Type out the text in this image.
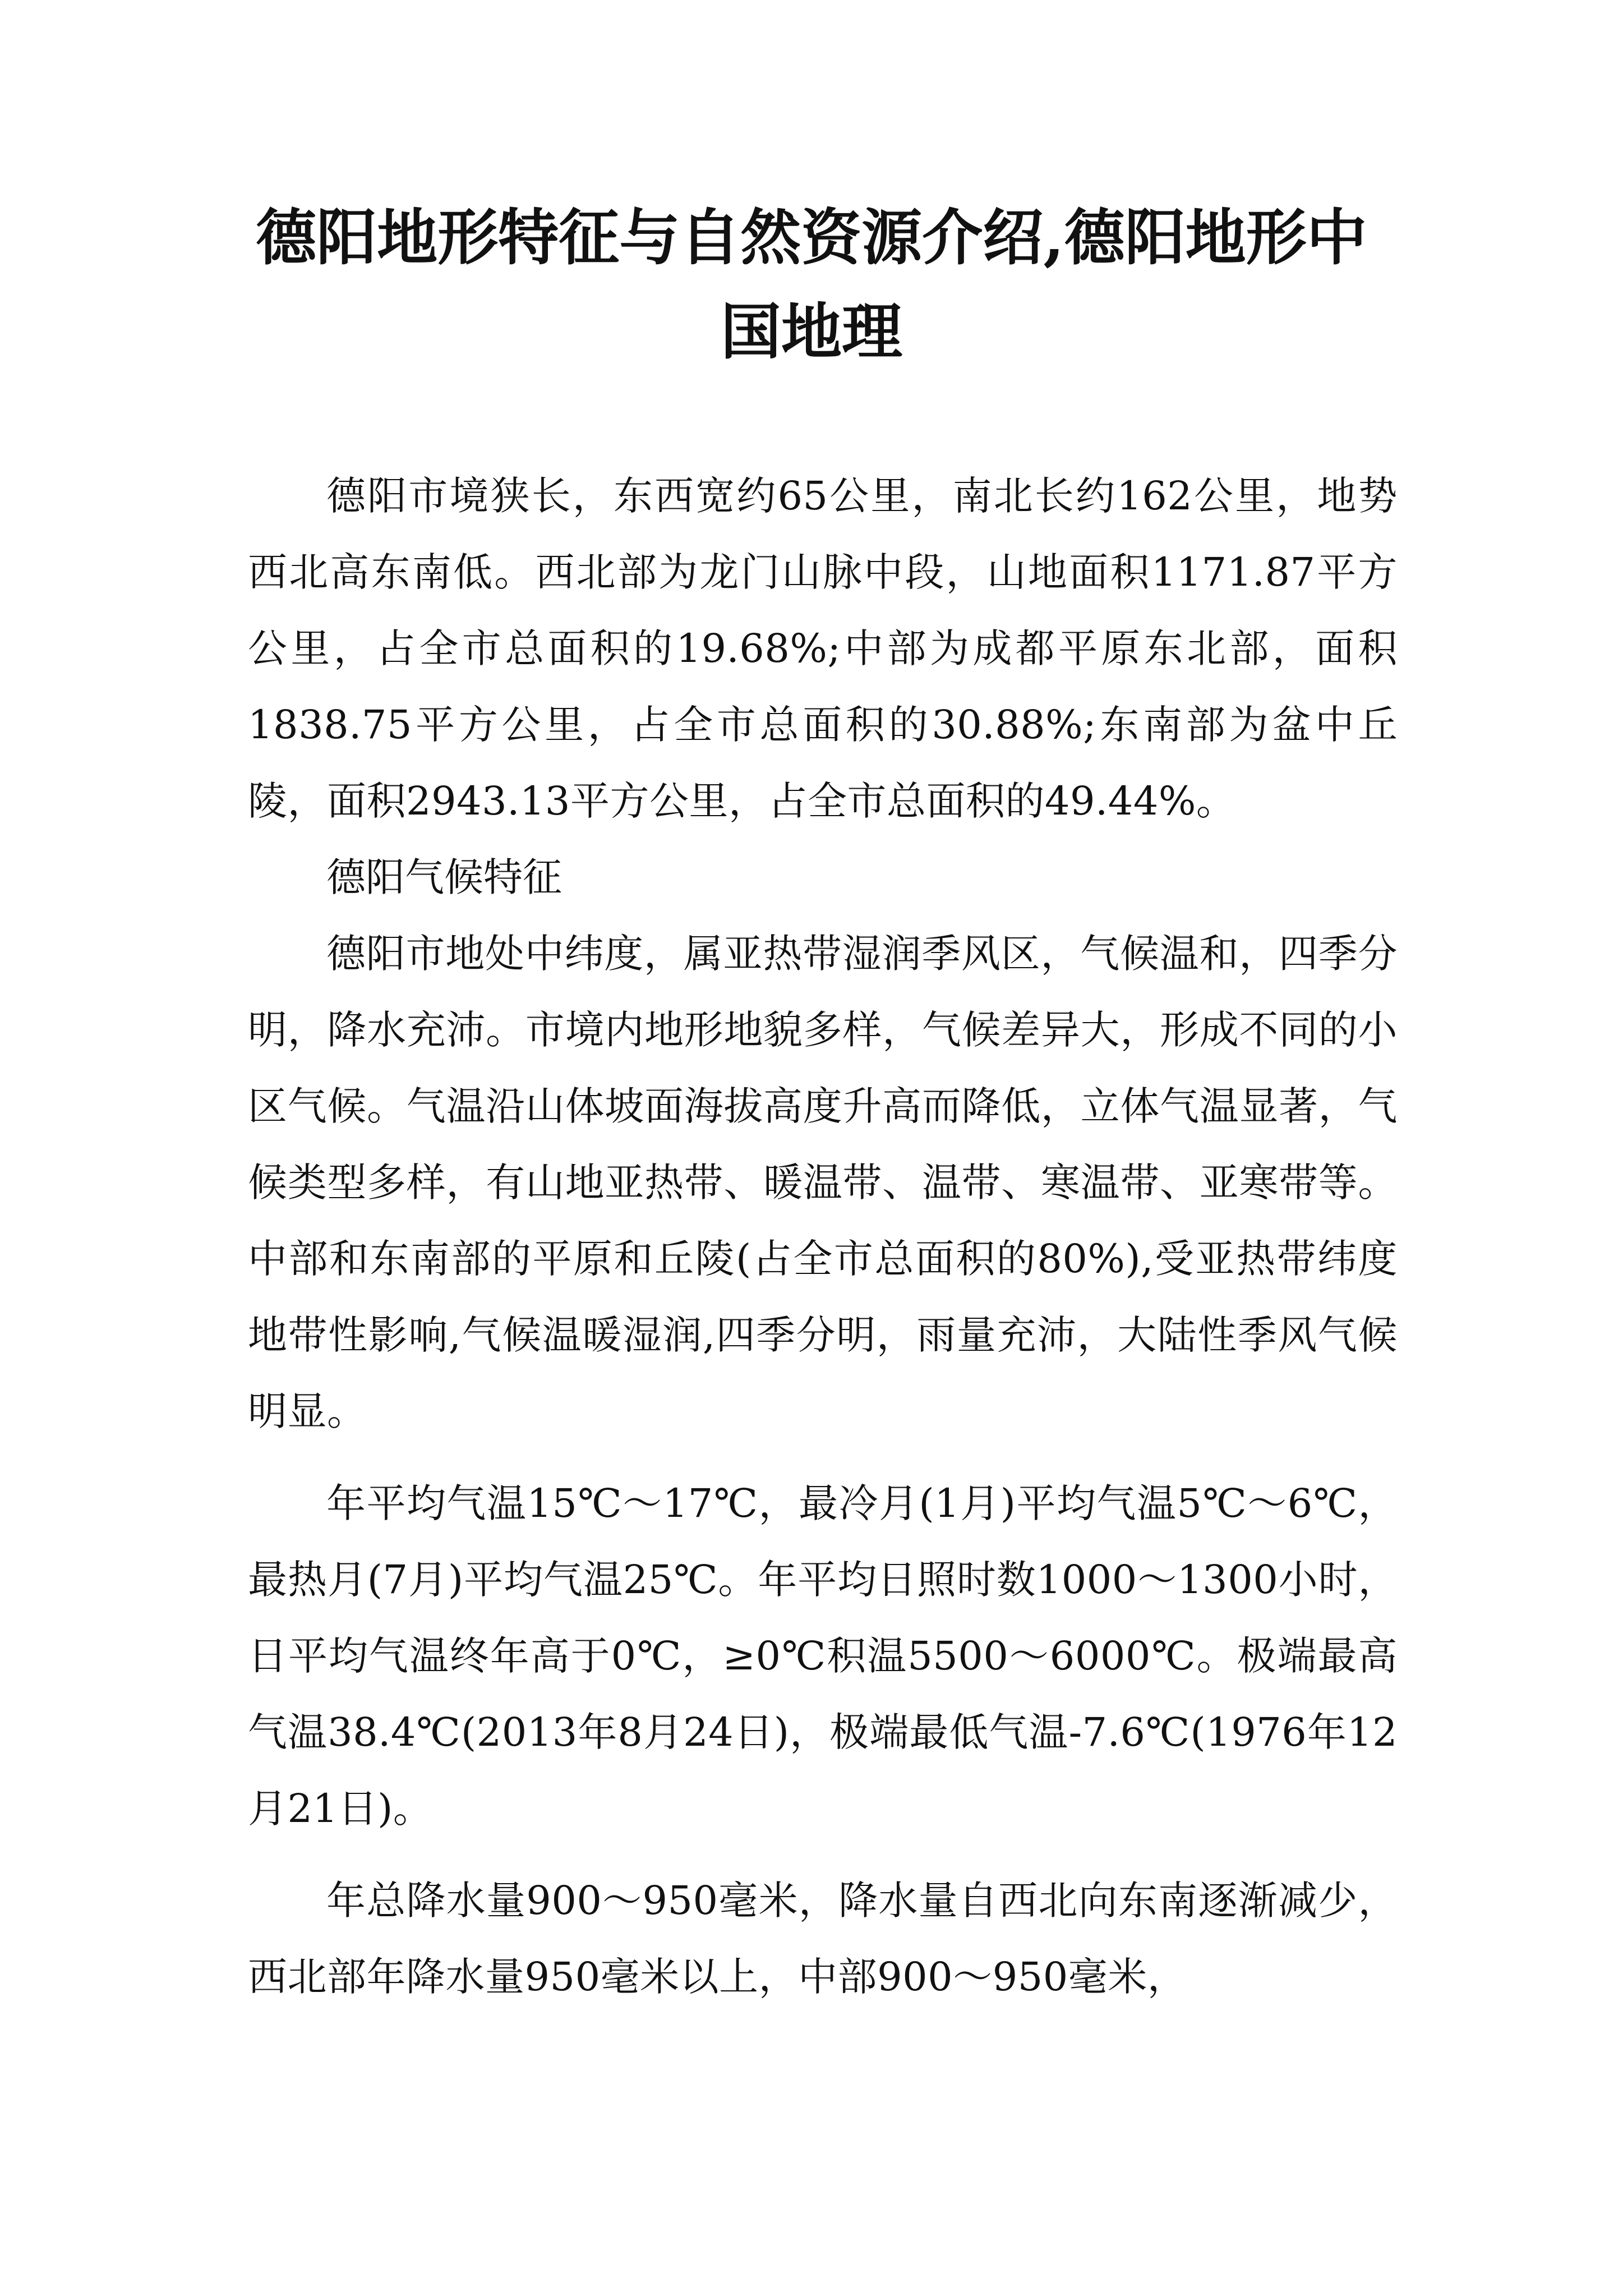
德阳地形特征与自然资源介绍,德阳地形中国地理

德阳市境狭长，东西宽约65公里，南北长约162公里，地势西北高东南低。西北部为龙门山脉中段，山地面积1171.87平方公里，占全市总面积的19.68%;中部为成都平原东北部，面积1838.75平方公里，占全市总面积的30.88%;东南部为盆中丘陵，面积2943.13平方公里，占全市总面积的49.44%。

德阳气候特征

德阳市地处中纬度，属亚热带湿润季风区，气候温和，四季分明，降水充沛。市境内地形地貌多样，气候差异大，形成不同的小区气候。气温沿山体坡面海拔高度升高而降低，立体气温显著，气候类型多样，有山地亚热带、暖温带、温带、寒温带、亚寒带等。中部和东南部的平原和丘陵(占全市总面积的80%),受亚热带纬度地带性影响,气候温暖湿润,四季分明，雨量充沛，大陆性季风气候明显。

年平均气温15℃～17℃，最冷月(1月)平均气温5℃～6℃，最热月(7月)平均气温25℃。年平均日照时数1000～1300小时，日平均气温终年高于0℃，≥0℃积温5500～6000℃。极端最高气温38.4℃(2013年8月24日)，极端最低气温-7.6℃(1976年12月21日)。

年总降水量900～950毫米，降水量自西北向东南逐渐减少，西北部年降水量950毫米以上，中部900～950毫米，
